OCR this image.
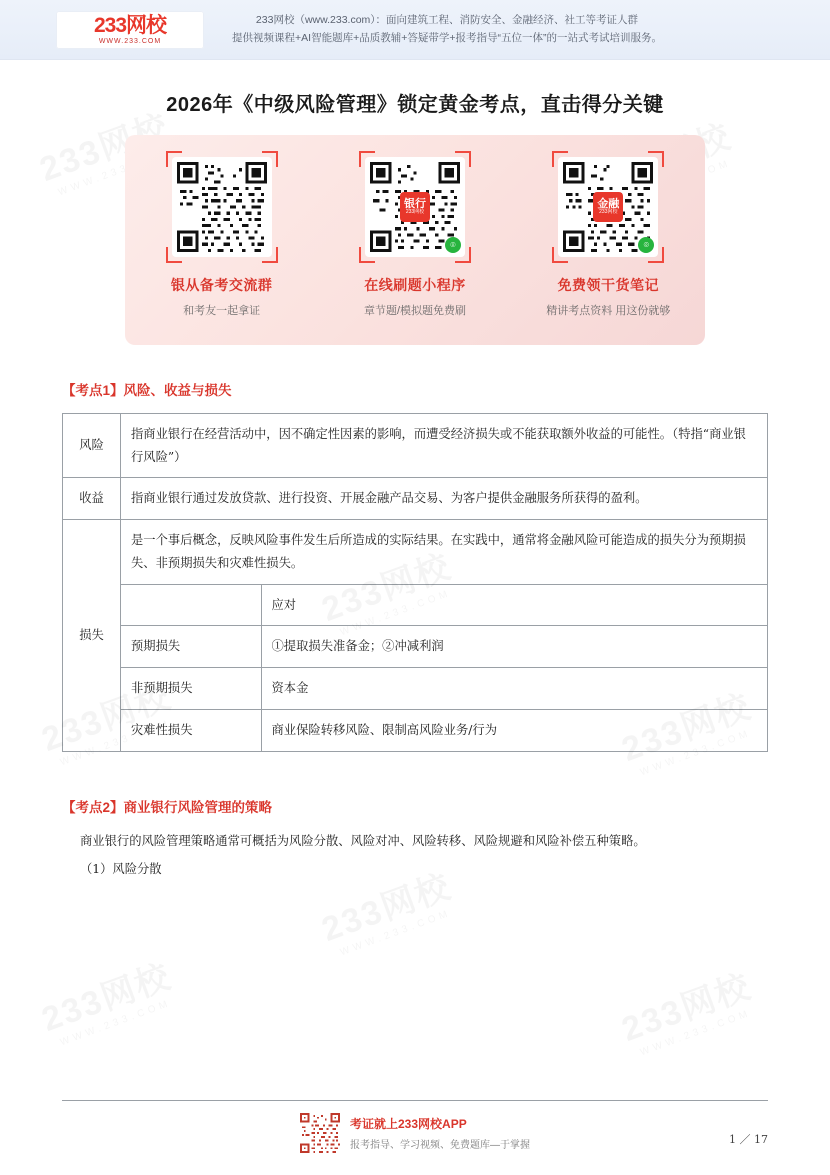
233网校
WWW.233.COM
233网校（www.233.com）：面向建筑工程、消防安全、金融经济、社工等考证人群
提供视频课程+AI智能题库+品质教辅+答疑带学+报考指导“五位一体”的一站式考试培训服务。
2026年《中级风险管理》锁定黄金考点，直击得分关键
银从备考交流群
和考友一起拿证
银行
233网校
⌾
在线刷题小程序
章节题/模拟题免费刷
金融
233网校
⌾
免费领干货笔记
精讲考点资料 用这份就够
【考点1】风险、收益与损失
风险	指商业银行在经营活动中，因不确定性因素的影响，而遭受经济损失或不能获取额外收益的可能性。（特指“商业银行风险”）
收益	指商业银行通过发放贷款、进行投资、开展金融产品交易、为客户提供金融服务所获得的盈利。
损失	
是一个事后概念，反映风险事件发生后所造成的实际结果。在实践中，通常将金融风险可能造成的损失分为预期损失、非预期损失和灾难性损失。
	应对
预期损失	①提取损失准备金；②冲减利润
非预期损失	资本金
灾难性损失	商业保险转移风险、限制高风险业务/行为
【考点2】商业银行风险管理的策略

商业银行的风险管理策略通常可概括为风险分散、风险对冲、风险转移、风险规避和风险补偿五种策略。

（1）风险分散

考证就上233网校APP
报考指导、学习视频、免费题库—于掌握	1 ／ 17
